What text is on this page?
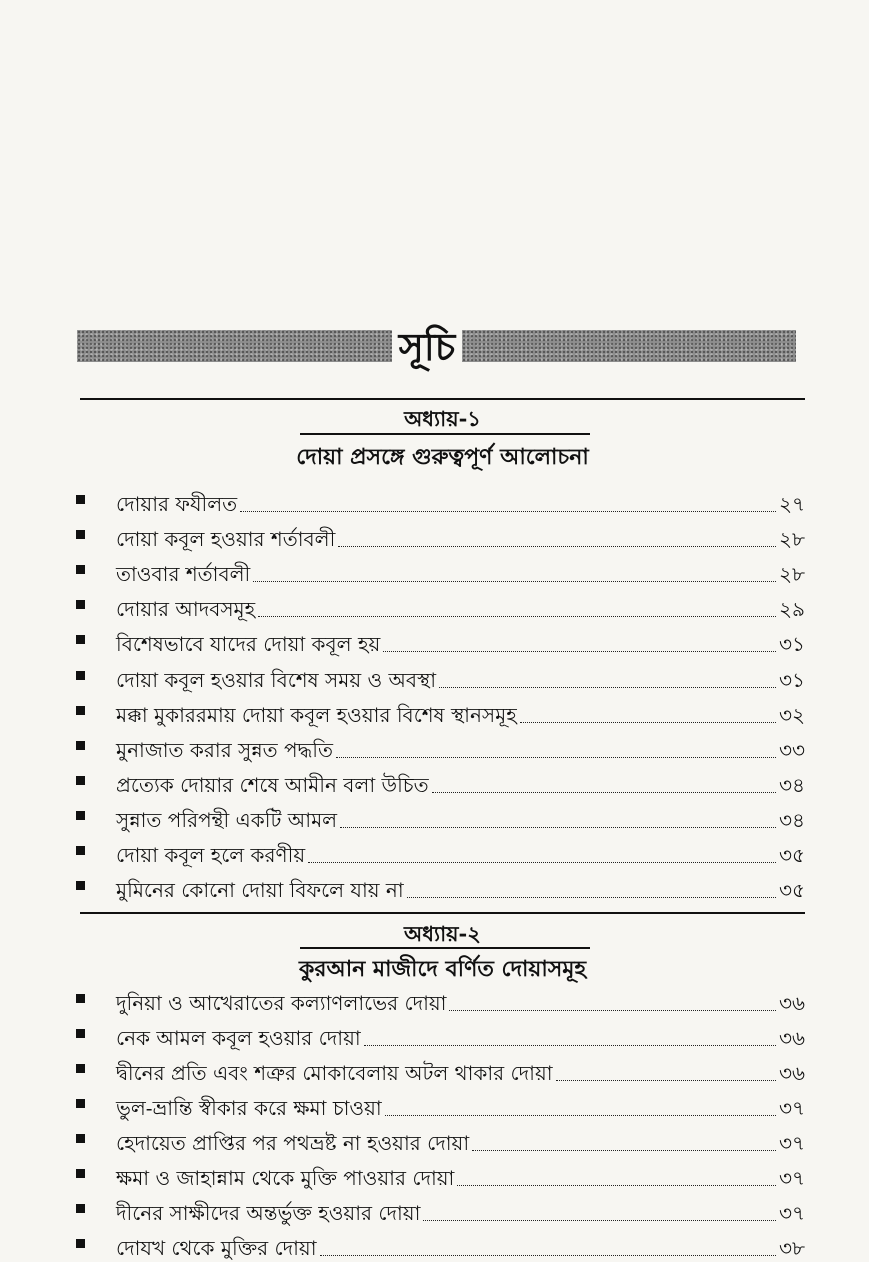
সূচি
অধ্যায়-১
দোয়া প্রসঙ্গে গুরুত্বপূর্ণ আলোচনা
দোয়ার ফযীলত	২৭
দোয়া কবূল হওয়ার শর্তাবলী	২৮
তাওবার শর্তাবলী	২৮
দোয়ার আদবসমূহ	২৯
বিশেষভাবে যাদের দোয়া কবূল হয়	৩১
দোয়া কবূল হওয়ার বিশেষ সময় ও অবস্থা	৩১
মক্কা মুকাররমায় দোয়া কবূল হওয়ার বিশেষ স্থানসমূহ	৩২
মুনাজাত করার সুন্নত পদ্ধতি	৩৩
প্রত্যেক দোয়ার শেষে আমীন বলা উচিত	৩৪
সুন্নাত পরিপন্থী একটি আমল	৩৪
দোয়া কবূল হলে করণীয়	৩৫
মুমিনের কোনো দোয়া বিফলে যায় না	৩৫
অধ্যায়-২
কুরআন মাজীদে বর্ণিত দোয়াসমূহ
দুনিয়া ও আখেরাতের কল্যাণলাভের দোয়া	৩৬
নেক আমল কবূল হওয়ার দোয়া	৩৬
দ্বীনের প্রতি এবং শত্রুর মোকাবেলায় অটল থাকার দোয়া	৩৬
ভুল-ভ্রান্তি স্বীকার করে ক্ষমা চাওয়া	৩৭
হেদায়েত প্রাপ্তির পর পথভ্রষ্ট না হওয়ার দোয়া	৩৭
ক্ষমা ও জাহান্নাম থেকে মুক্তি পাওয়ার দোয়া	৩৭
দীনের সাক্ষীদের অন্তর্ভুক্ত হওয়ার দোয়া	৩৭
দোযখ থেকে মুক্তির দোয়া	৩৮
